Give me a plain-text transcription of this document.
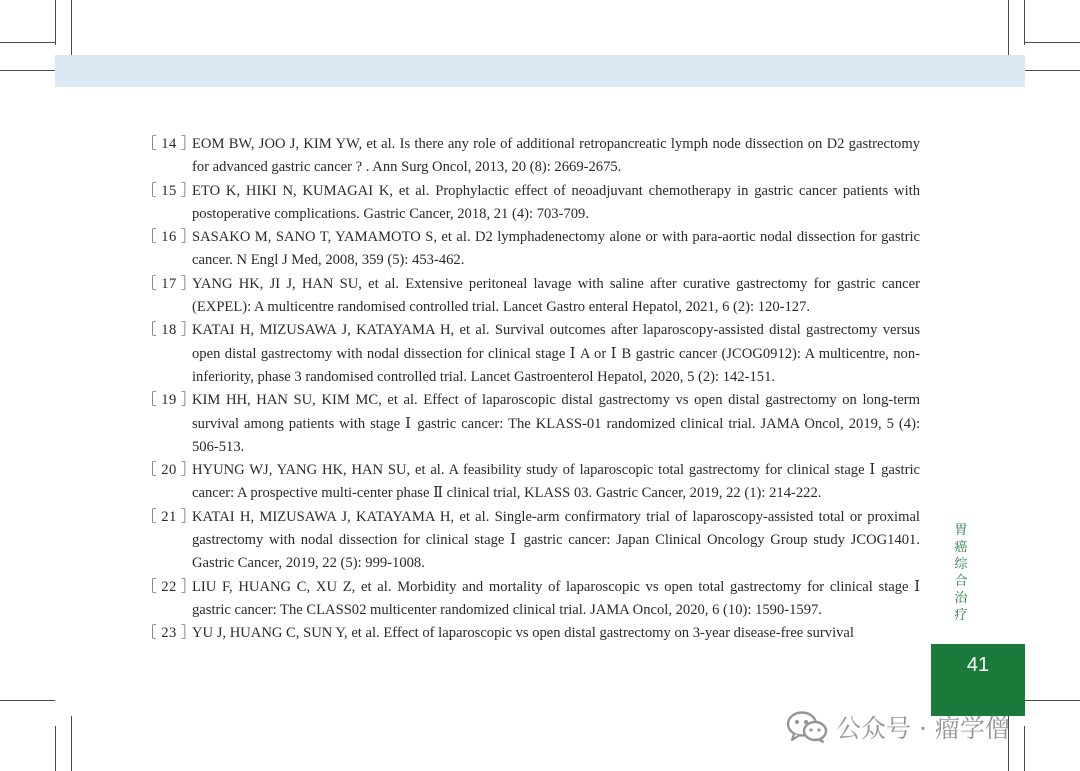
［ 14 ］
EOM BW, JOO J, KIM YW, et al. Is there any role of additional retropancreatic lymph node dissection on D2 gastrectomy for advanced gastric cancer ? . Ann Surg Oncol, 2013, 20 (8): 2669-2675.
［ 15 ］
ETO K, HIKI N, KUMAGAI K, et al. Prophylactic effect of neoadjuvant chemotherapy in gastric cancer patients with postoperative complications. Gastric Cancer, 2018, 21 (4): 703-709.
［ 16 ］
SASAKO M, SANO T, YAMAMOTO S, et al. D2 lymphadenectomy alone or with para-aortic nodal dissection for gastric cancer. N Engl J Med, 2008, 359 (5): 453-462.
［ 17 ］
YANG HK, JI J, HAN SU, et al. Extensive peritoneal lavage with saline after curative gastrectomy for gastric cancer (EXPEL): A multicentre randomised controlled trial. Lancet Gastro enteral Hepatol, 2021, 6 (2): 120-127.
［ 18 ］
KATAI H, MIZUSAWA J, KATAYAMA H, et al. Survival outcomes after laparoscopy-assisted distal gastrectomy versus open distal gastrectomy with nodal dissection for clinical stage Ⅰ A or Ⅰ B gastric cancer (JCOG0912): A multicentre, non-inferiority, phase 3 randomised controlled trial. Lancet Gastroenterol Hepatol, 2020, 5 (2): 142-151.
［ 19 ］
KIM HH, HAN SU, KIM MC, et al. Effect of laparoscopic distal gastrectomy vs open distal gastrectomy on long-term survival among patients with stage Ⅰ gastric cancer: The KLASS-01 randomized clinical trial. JAMA Oncol, 2019, 5 (4): 506-513.
［ 20 ］
HYUNG WJ, YANG HK, HAN SU, et al. A feasibility study of laparoscopic total gastrectomy for clinical stage Ⅰ gastric cancer: A prospective multi-center phase Ⅱ clinical trial, KLASS 03. Gastric Cancer, 2019, 22 (1): 214-222.
［ 21 ］
KATAI H, MIZUSAWA J, KATAYAMA H, et al. Single-arm confirmatory trial of laparoscopy-assisted total or proximal gastrectomy with nodal dissection for clinical stage Ⅰ gastric cancer: Japan Clinical Oncology Group study JCOG1401. Gastric Cancer, 2019, 22 (5): 999-1008.
［ 22 ］
LIU F, HUANG C, XU Z, et al. Morbidity and mortality of laparoscopic vs open total gastrectomy for clinical stage Ⅰ gastric cancer: The CLASS02 multicenter randomized clinical trial. JAMA Oncol, 2020, 6 (10): 1590-1597.
［ 23 ］
YU J, HUANG C, SUN Y, et al. Effect of laparoscopic vs open distal gastrectomy on 3-year disease-free survival
胃癌综合治疗
41
公众号 · 瘤学僧
